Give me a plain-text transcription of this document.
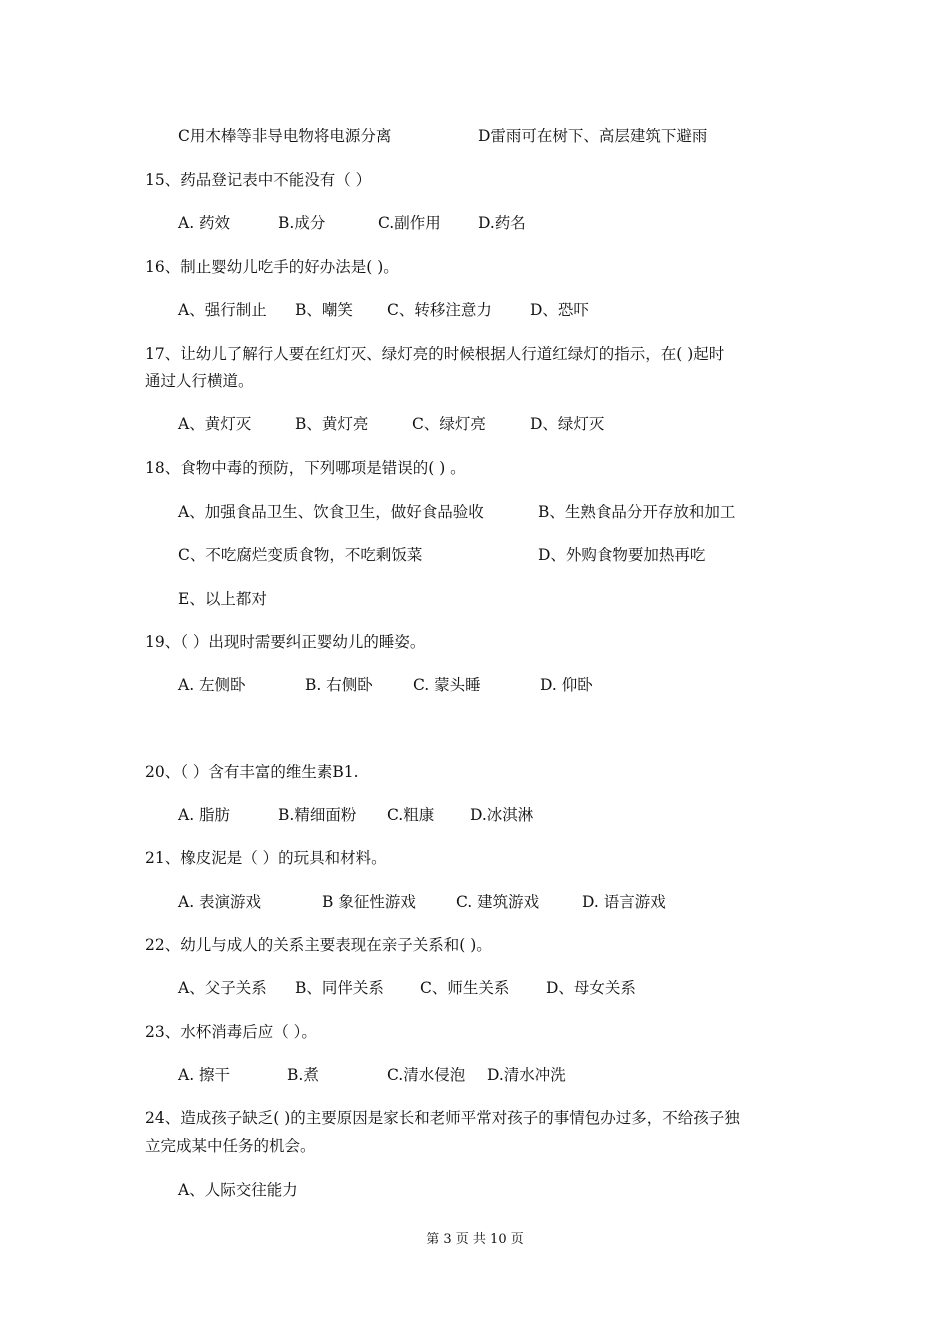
C用木棒等非导电物将电源分离	D雷雨可在树下、高层建筑下避雨
15、药品登记表中不能没有（ ）
A. 药效	B.成分	C.副作用 D.药名
16、制止婴幼儿吃手的好办法是( )。
A、强行制止 B、嘲笑 C、转移注意力 D、恐吓
17、让幼儿了解行人要在红灯灭、绿灯亮的时候根据人行道红绿灯的指示，在( )起时
通过人行横道。
A、黄灯灭	B、黄灯亮	C、绿灯亮	D、绿灯灭
18、食物中毒的预防，下列哪项是错误的( ) 。
A、加强食品卫生、饮食卫生，做好食品验收	B、生熟食品分开存放和加工
C、不吃腐烂变质食物，不吃剩饭菜	D、外购食物要加热再吃
E、以上都对
19、（ ）出现时需要纠正婴幼儿的睡姿。
A. 左侧卧	B. 右侧卧	C. 蒙头睡	D. 仰卧
20、（ ）含有丰富的维生素B1.
A. 脂肪	B.精细面粉 C.粗康 D.冰淇淋
21、橡皮泥是（ ）的玩具和材料。
A. 表演游戏	B 象征性游戏	C. 建筑游戏	D. 语言游戏
22、幼儿与成人的关系主要表现在亲子关系和( )。
A、父子关系 B、同伴关系 C、师生关系 D、母女关系
23、水杯消毒后应（ ）。
A. 擦干	B.煮	C.清水侵泡 D.清水冲洗
24、造成孩子缺乏( )的主要原因是家长和老师平常对孩子的事情包办过多，不给孩子独
立完成某中任务的机会。
A、人际交往能力
第 3 页 共 10 页
